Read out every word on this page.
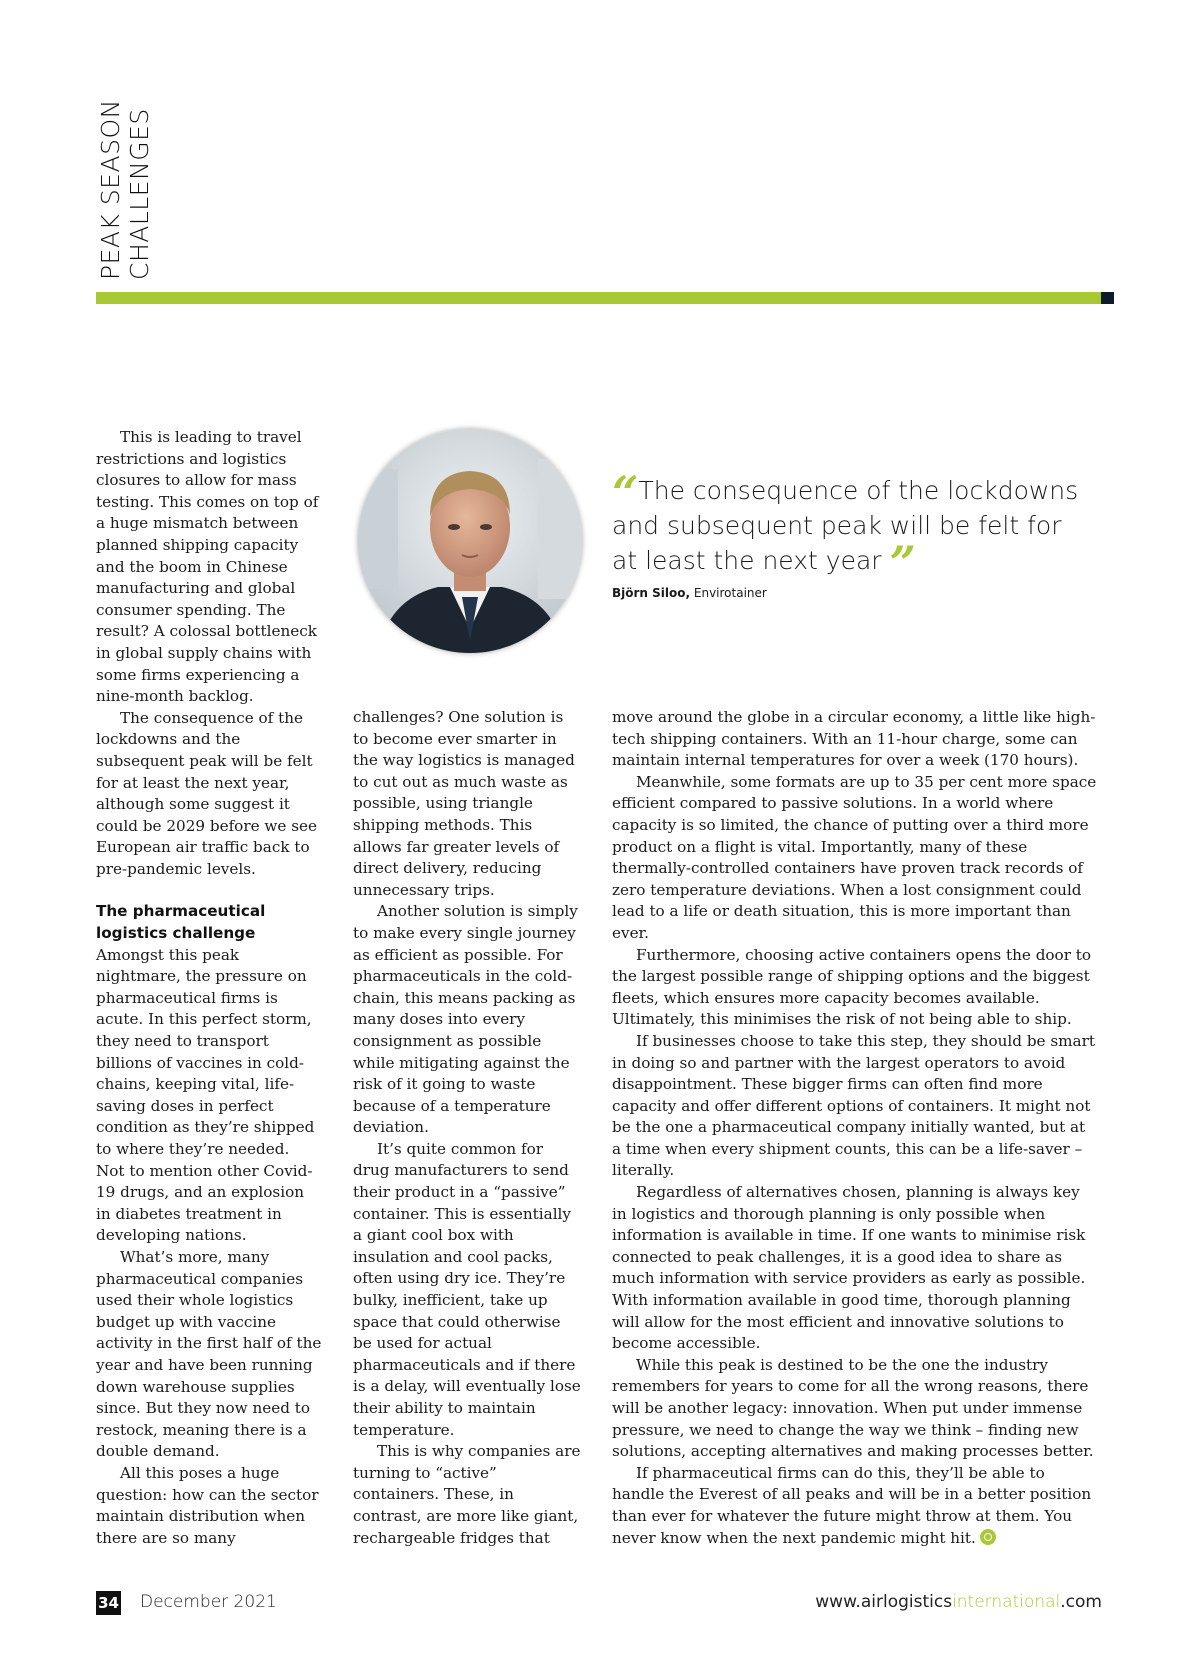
PEAK SEASON CHALLENGES

This is leading to travel restrictions and logistics closures to allow for mass testing. This comes on top of a huge mismatch between planned shipping capacity and the boom in Chinese manufacturing and global consumer spending. The result? A colossal bottleneck in global supply chains with some firms experiencing a nine-month backlog.

The consequence of the lockdowns and the subsequent peak will be felt for at least the next year, although some suggest it could be 2029 before we see European air traffic back to pre-pandemic levels.

The pharmaceutical logistics challenge

Amongst this peak nightmare, the pressure on pharmaceutical firms is acute. In this perfect storm, they need to transport billions of vaccines in cold-chains, keeping vital, life-saving doses in perfect condition as they’re shipped to where they’re needed. Not to mention other Covid-19 drugs, and an explosion in diabetes treatment in developing nations.

What’s more, many pharmaceutical companies used their whole logistics budget up with vaccine activity in the first half of the year and have been running down warehouse supplies since. But they now need to restock, meaning there is a double demand.

All this poses a huge question: how can the sector maintain distribution when there are so many

“The consequence of the lockdowns and subsequent peak will be felt for at least the next year ”
Björn Siloo, Envirotainer

challenges? One solution is to become ever smarter in the way logistics is managed to cut out as much waste as possible, using triangle shipping methods. This allows far greater levels of direct delivery, reducing unnecessary trips.

Another solution is simply to make every single journey as efficient as possible. For pharmaceuticals in the cold-chain, this means packing as many doses into every consignment as possible while mitigating against the risk of it going to waste because of a temperature deviation.

It’s quite common for drug manufacturers to send their product in a “passive” container. This is essentially a giant cool box with insulation and cool packs, often using dry ice. They’re bulky, inefficient, take up space that could otherwise be used for actual pharmaceuticals and if there is a delay, will eventually lose their ability to maintain temperature.

This is why companies are turning to “active” containers. These, in contrast, are more like giant, rechargeable fridges that

move around the globe in a circular economy, a little like high-tech shipping containers. With an 11-hour charge, some can maintain internal temperatures for over a week (170 hours).

Meanwhile, some formats are up to 35 per cent more space efficient compared to passive solutions. In a world where capacity is so limited, the chance of putting over a third more product on a flight is vital. Importantly, many of these thermally-controlled containers have proven track records of zero temperature deviations. When a lost consignment could lead to a life or death situation, this is more important than ever.

Furthermore, choosing active containers opens the door to the largest possible range of shipping options and the biggest fleets, which ensures more capacity becomes available. Ultimately, this minimises the risk of not being able to ship.

If businesses choose to take this step, they should be smart in doing so and partner with the largest operators to avoid disappointment. These bigger firms can often find more capacity and offer different options of containers. It might not be the one a pharmaceutical company initially wanted, but at a time when every shipment counts, this can be a life-saver – literally.

Regardless of alternatives chosen, planning is always key in logistics and thorough planning is only possible when information is available in time. If one wants to minimise risk connected to peak challenges, it is a good idea to share as much information with service providers as early as possible. With information available in good time, thorough planning will allow for the most efficient and innovative solutions to become accessible.

While this peak is destined to be the one the industry remembers for years to come for all the wrong reasons, there will be another legacy: innovation. When put under immense pressure, we need to change the way we think – finding new solutions, accepting alternatives and making processes better.

If pharmaceutical firms can do this, they’ll be able to handle the Everest of all peaks and will be in a better position than ever for whatever the future might throw at them. You never know when the next pandemic might hit.

34 December 2021	www.airlogisticsinternational.com
